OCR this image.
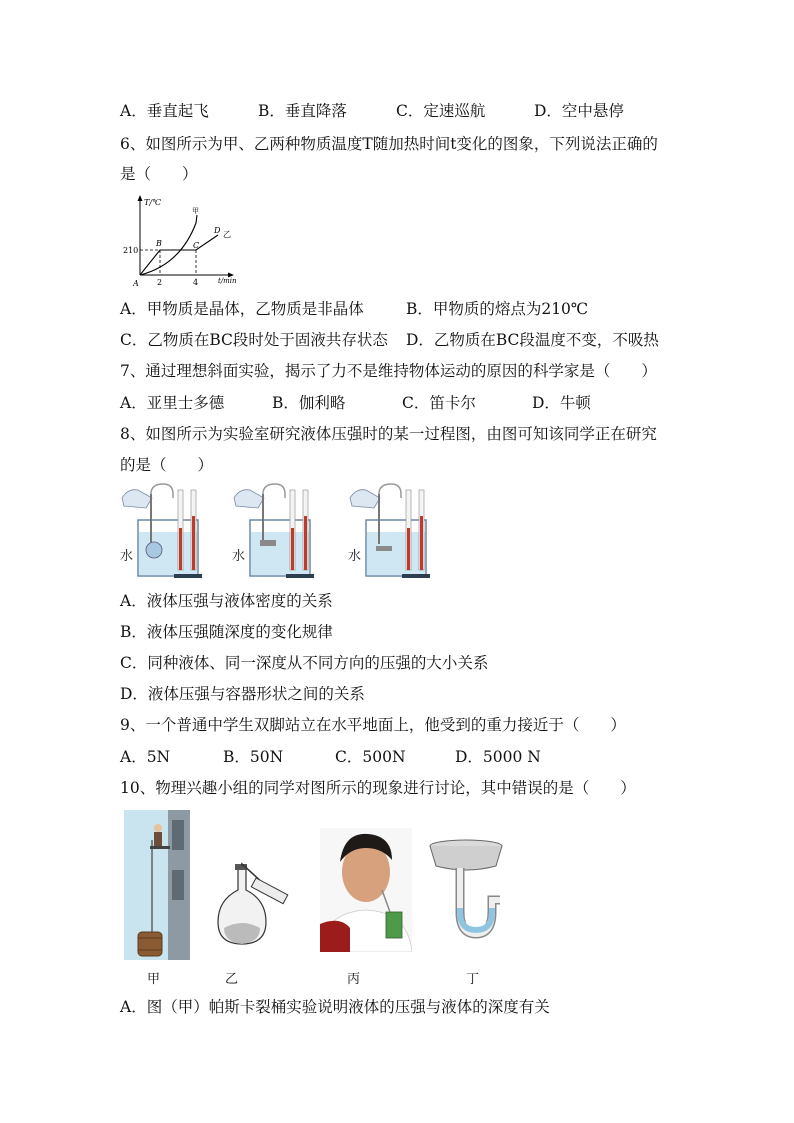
A．垂直起飞	B．垂直降落	C．定速巡航	D．空中悬停
6、如图所示为甲、乙两种物质温度T随加热时间t变化的图象，下列说法正确的
是（　　）
T/℃
t/min
210
2	4
A
B	C
D
甲
乙
A．甲物质是晶体，乙物质是非晶体	B．甲物质的熔点为210℃
C．乙物质在BC段时处于固液共存状态 D．乙物质在BC段温度不变，不吸热
7、通过理想斜面实验，揭示了力不是维持物体运动的原因的科学家是（　　）
A．亚里士多德	B．伽利略	C．笛卡尔	D．牛顿
8、如图所示为实验室研究液体压强时的某一过程图，由图可知该同学正在研究
的是（　　）
水	水	水
A．液体压强与液体密度的关系
B．液体压强随深度的变化规律
C．同种液体、同一深度从不同方向的压强的大小关系
D．液体压强与容器形状之间的关系
9、一个普通中学生双脚站立在水平地面上，他受到的重力接近于（　　）
A．5N	B．50N	C．500N	D．5000 N
10、物理兴趣小组的同学对图所示的现象进行讨论，其中错误的是（　　）
甲	乙	丙	丁
A．图（甲）帕斯卡裂桶实验说明液体的压强与液体的深度有关
